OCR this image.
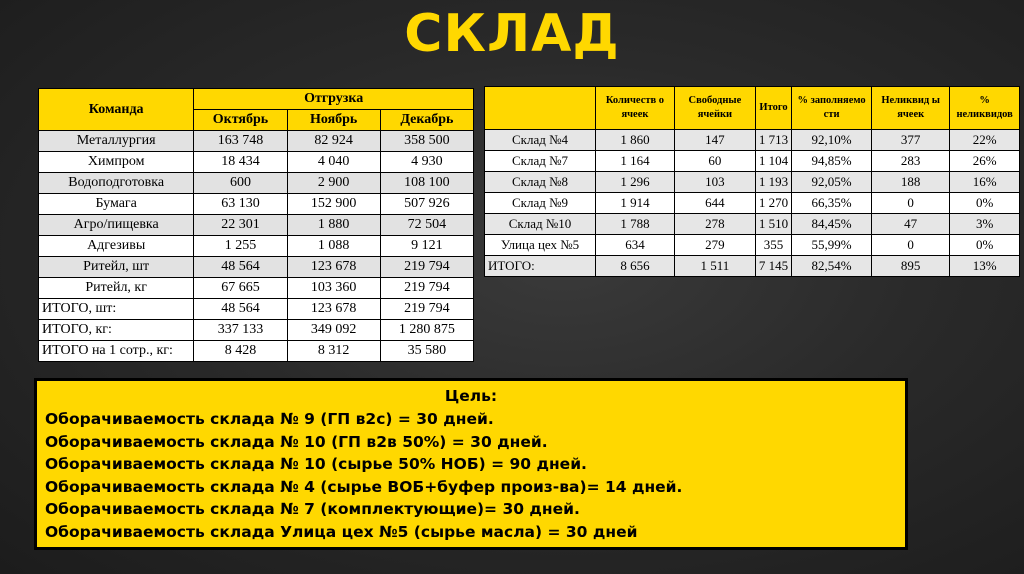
СКЛАД
Команда	Отгрузка		
	Октябрь	Ноябрь	Декабрь
Металлургия	163 748	82 924	358 500
Химпром	18 434	4 040	4 930
Водоподготовка	600	2 900	108 100
Бумага	63 130	152 900	507 926
Агро/пищевка	22 301	1 880	72 504
Адгезивы	1 255	1 088	9 121
Ритейл, шт	48 564	123 678	219 794
Ритейл, кг	67 665	103 360	219 794
ИТОГО, шт:	48 564	123 678	219 794
ИТОГО, кг:	337 133	349 092	1 280 875
ИТОГО на 1 сотр., кг:	8 428	8 312	35 580
	Количеств о ячеек	Свободные ячейки	Итого	% заполняемо сти	Неликвид ы ячеек	% неликвидов
Склад №4	1 860	147	1 713	92,10%	377	22%
Склад №7	1 164	60	1 104	94,85%	283	26%
Склад №8	1 296	103	1 193	92,05%	188	16%
Склад №9	1 914	644	1 270	66,35%	0	0%
Склад №10	1 788	278	1 510	84,45%	47	3%
Улица цех №5	634	279	355	55,99%	0	0%
ИТОГО:	8 656	1 511	7 145	82,54%	895	13%
Цель:
Оборачиваемость склада № 9 (ГП в2с) = 30 дней.
Оборачиваемость склада № 10 (ГП в2в 50%) = 30 дней.
Оборачиваемость склада № 10 (сырье 50% НОБ) = 90 дней.
Оборачиваемость склада № 4 (сырье ВОБ+буфер произ-ва)= 14 дней.
Оборачиваемость склада № 7 (комплектующие)= 30 дней.
Оборачиваемость склада Улица цех №5 (сырье масла) = 30 дней
